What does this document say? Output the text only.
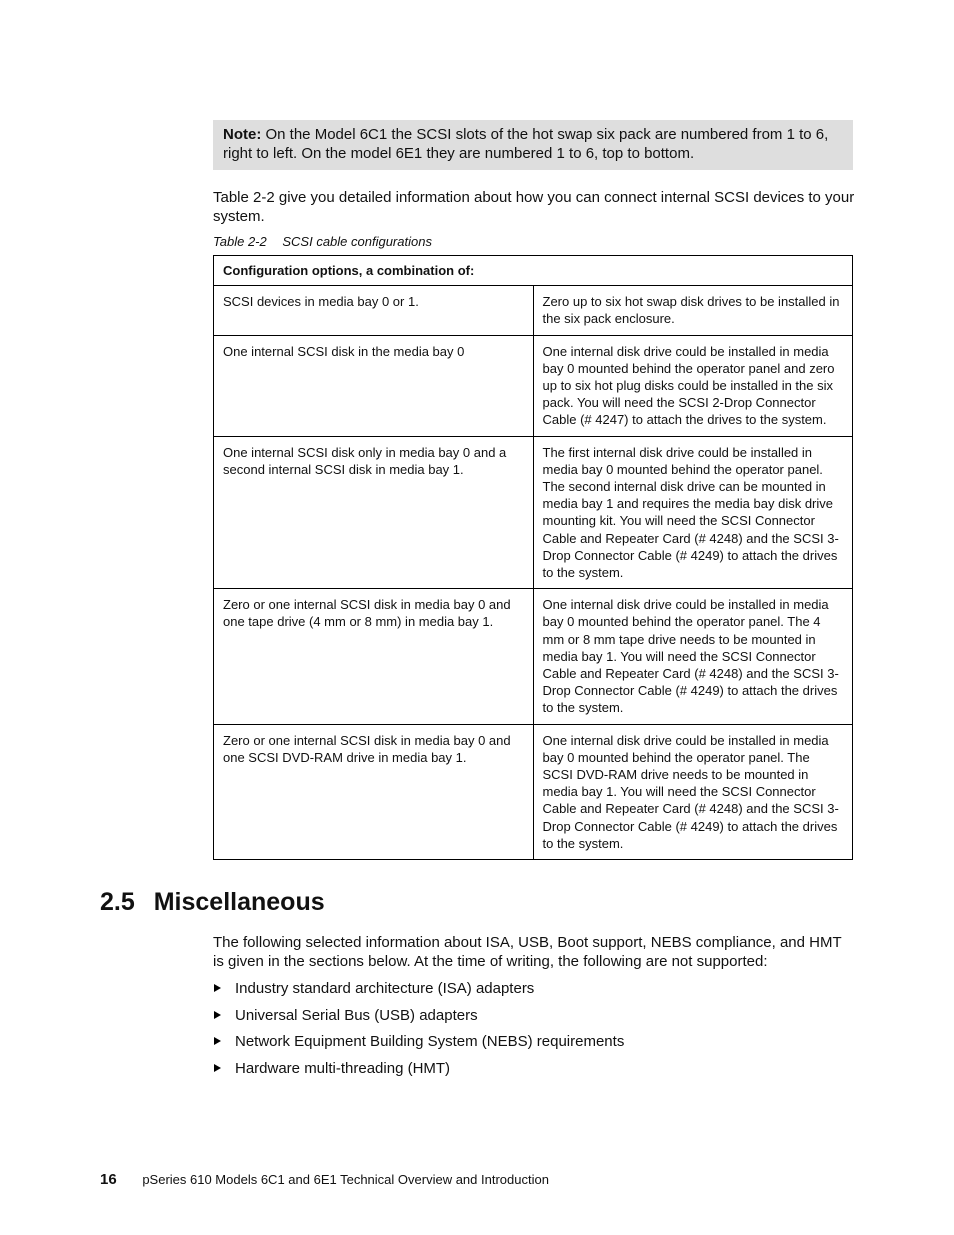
Note: On the Model 6C1 the SCSI slots of the hot swap six pack are numbered from 1 to 6, right to left. On the model 6E1 they are numbered 1 to 6, top to bottom.
Table 2-2 give you detailed information about how you can connect internal SCSI devices to your system.
Table 2-2 SCSI cable configurations
Configuration options, a combination of:	
SCSI devices in media bay 0 or 1.	Zero up to six hot swap disk drives to be installed in the six pack enclosure.
One internal SCSI disk in the media bay 0	One internal disk drive could be installed in media bay 0 mounted behind the operator panel and zero up to six hot plug disks could be installed in the six pack. You will need the SCSI 2-Drop Connector Cable (# 4247) to attach the drives to the system.
One internal SCSI disk only in media bay 0 and a second internal SCSI disk in media bay 1.	The first internal disk drive could be installed in media bay 0 mounted behind the operator panel. The second internal disk drive can be mounted in media bay 1 and requires the media bay disk drive mounting kit. You will need the SCSI Connector Cable and Repeater Card (# 4248) and the SCSI 3-Drop Connector Cable (# 4249) to attach the drives to the system.
Zero or one internal SCSI disk in media bay 0 and one tape drive (4 mm or 8 mm) in media bay 1.	One internal disk drive could be installed in media bay 0 mounted behind the operator panel. The 4 mm or 8 mm tape drive needs to be mounted in media bay 1. You will need the SCSI Connector Cable and Repeater Card (# 4248) and the SCSI 3-Drop Connector Cable (# 4249) to attach the drives to the system.
Zero or one internal SCSI disk in media bay 0 and one SCSI DVD-RAM drive in media bay 1.	One internal disk drive could be installed in media bay 0 mounted behind the operator panel. The SCSI DVD-RAM drive needs to be mounted in media bay 1. You will need the SCSI Connector Cable and Repeater Card (# 4248) and the SCSI 3-Drop Connector Cable (# 4249) to attach the drives to the system.
2.5 Miscellaneous
The following selected information about ISA, USB, Boot support, NEBS compliance, and HMT is given in the sections below. At the time of writing, the following are not supported:
Industry standard architecture (ISA) adapters
Universal Serial Bus (USB) adapters
Network Equipment Building System (NEBS) requirements
Hardware multi-threading (HMT)
16 pSeries 610 Models 6C1 and 6E1 Technical Overview and Introduction
